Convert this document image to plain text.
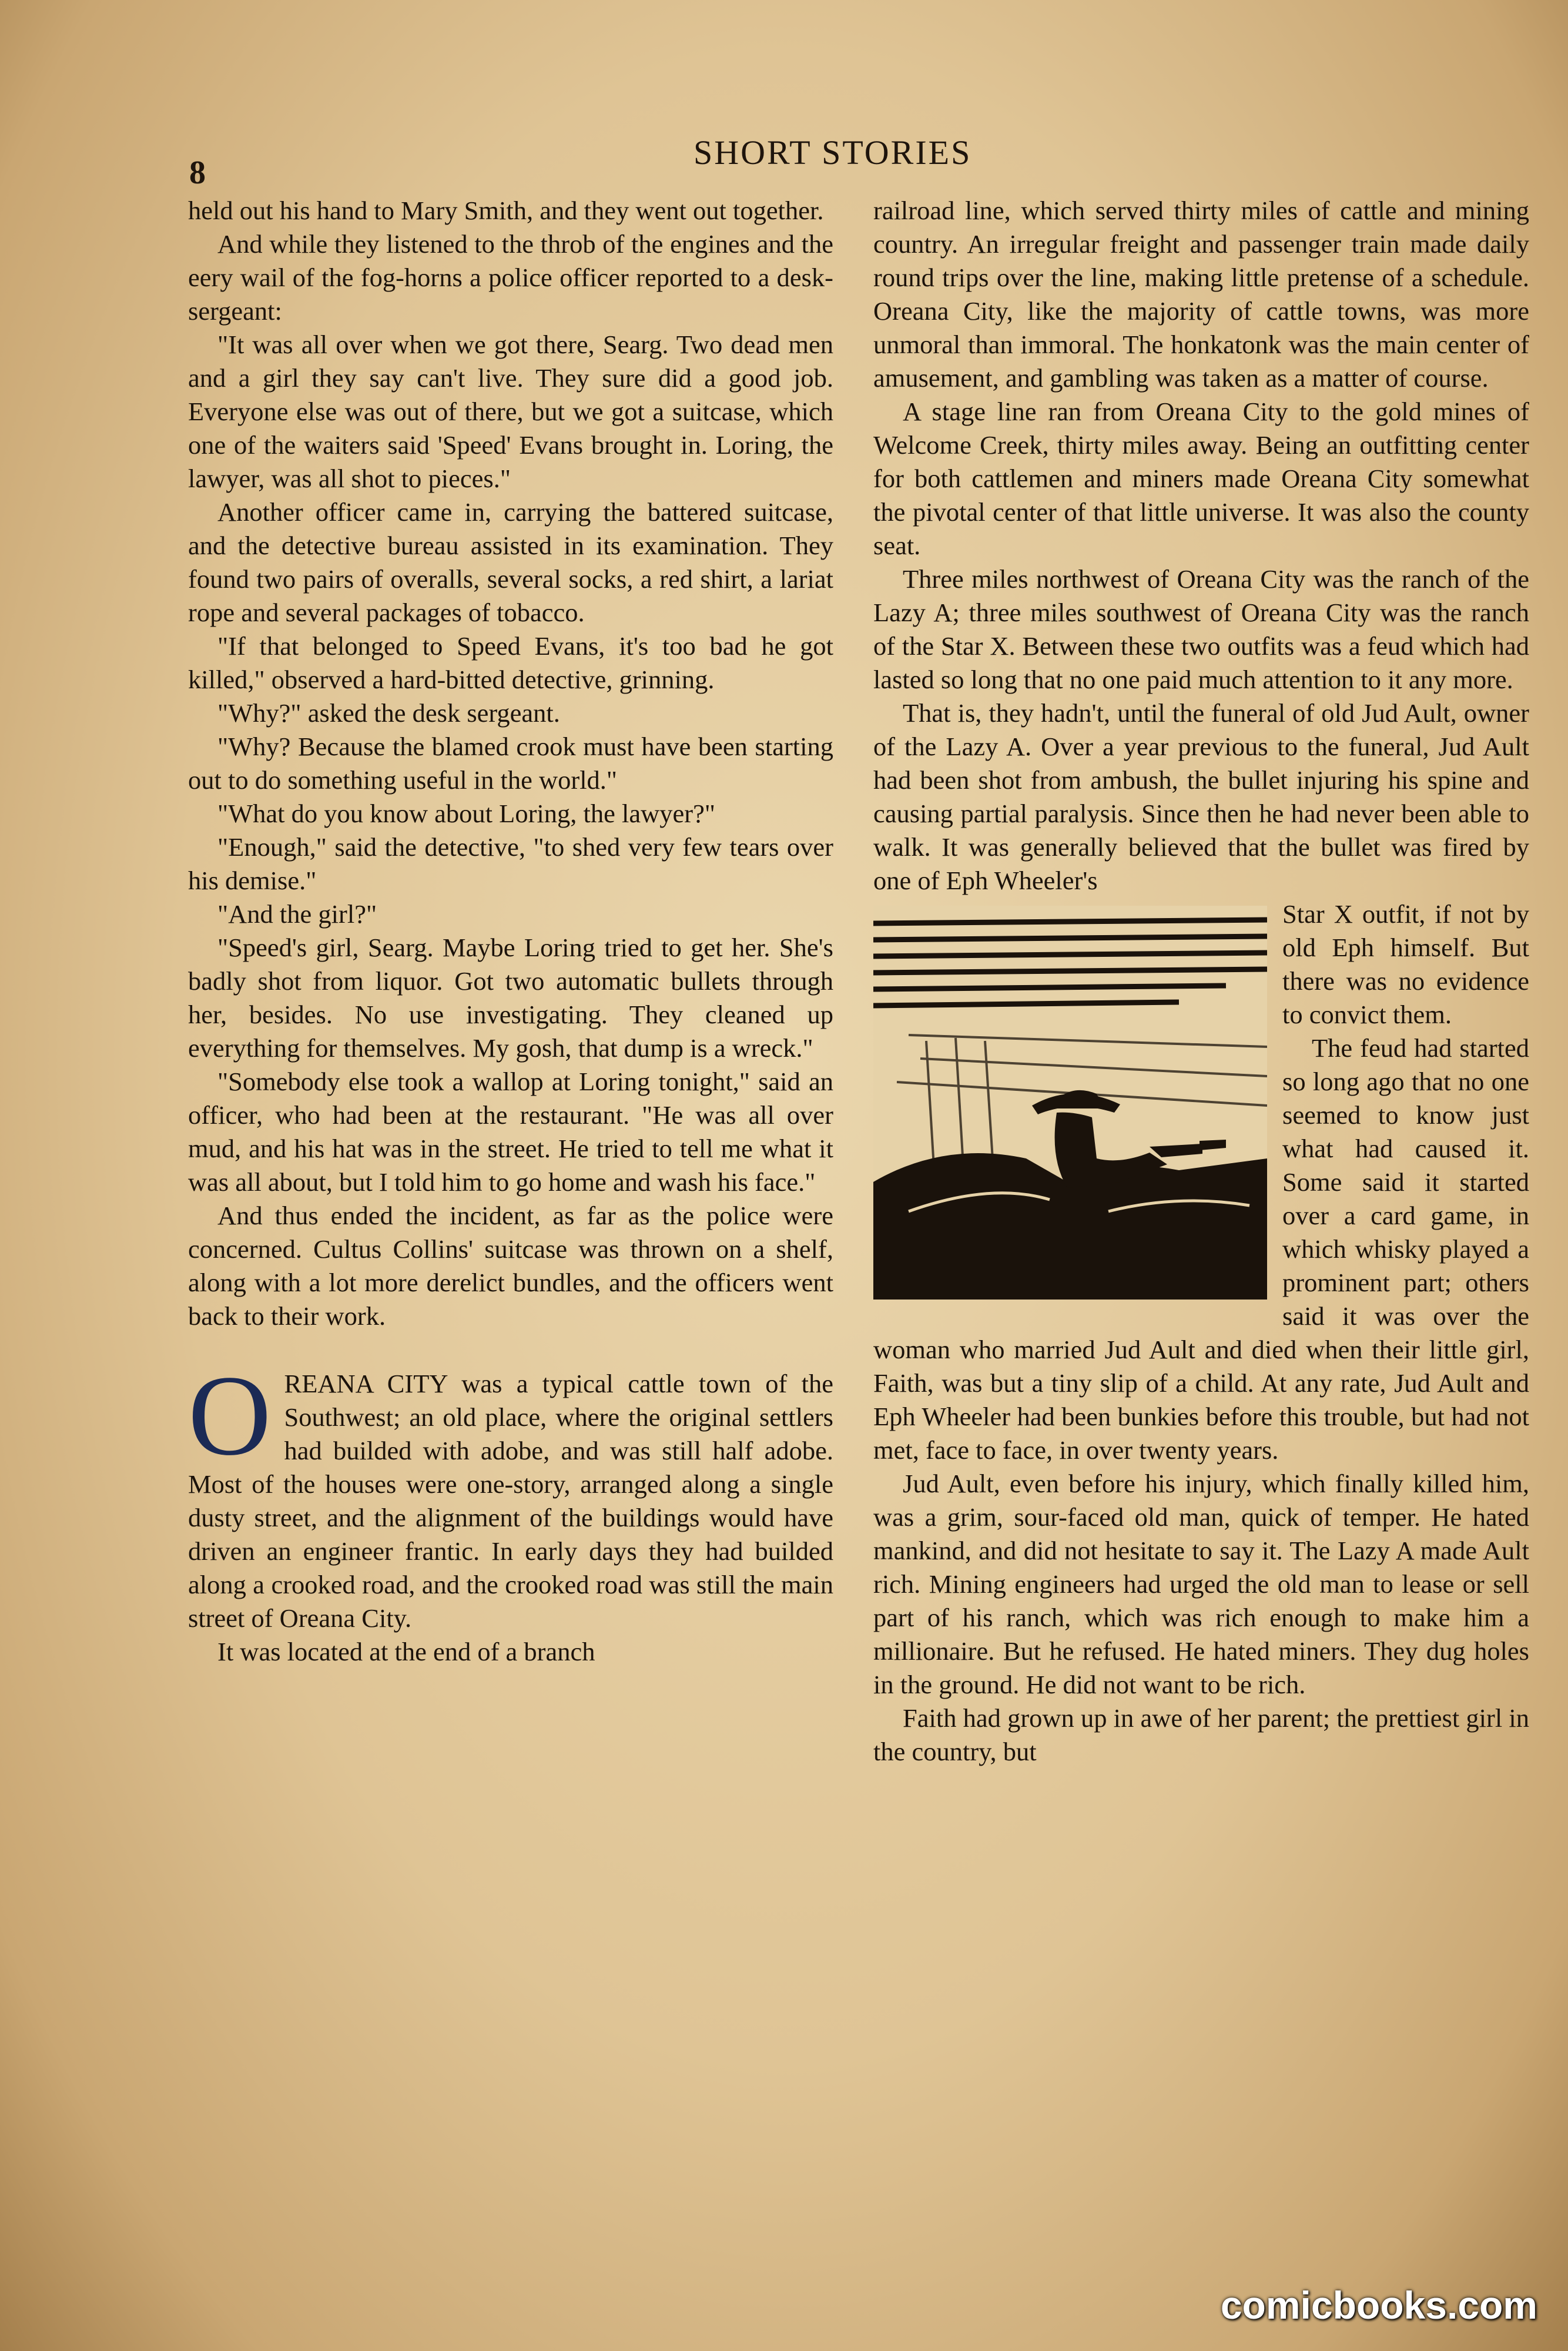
8
SHORT STORIES

held out his hand to Mary Smith, and they went out together.

And while they listened to the throb of the engines and the eery wail of the fog-horns a police officer reported to a desk-sergeant:

"It was all over when we got there, Searg. Two dead men and a girl they say can't live. They sure did a good job. Everyone else was out of there, but we got a suitcase, which one of the waiters said 'Speed' Evans brought in. Loring, the lawyer, was all shot to pieces."

Another officer came in, carrying the battered suitcase, and the detective bureau assisted in its examination. They found two pairs of overalls, several socks, a red shirt, a lariat rope and several packages of tobacco.

"If that belonged to Speed Evans, it's too bad he got killed," observed a hard-bitted detective, grinning.

"Why?" asked the desk sergeant.

"Why? Because the blamed crook must have been starting out to do something useful in the world."

"What do you know about Loring, the lawyer?"

"Enough," said the detective, "to shed very few tears over his demise."

"And the girl?"

"Speed's girl, Searg. Maybe Loring tried to get her. She's badly shot from liquor. Got two automatic bullets through her, besides. No use investigating. They cleaned up everything for themselves. My gosh, that dump is a wreck."

"Somebody else took a wallop at Loring tonight," said an officer, who had been at the restaurant. "He was all over mud, and his hat was in the street. He tried to tell me what it was all about, but I told him to go home and wash his face."

And thus ended the incident, as far as the police were concerned. Cultus Collins' suitcase was thrown on a shelf, along with a lot more derelict bundles, and the officers went back to their work.

OREANA CITY was a typical cattle town of the Southwest; an old place, where the original settlers had builded with adobe, and was still half adobe. Most of the houses were one-story, arranged along a single dusty street, and the alignment of the buildings would have driven an engineer frantic. In early days they had builded along a crooked road, and the crooked road was still the main street of Oreana City.

It was located at the end of a branch

railroad line, which served thirty miles of cattle and mining country. An irregular freight and passenger train made daily round trips over the line, making little pretense of a schedule. Oreana City, like the majority of cattle towns, was more unmoral than immoral. The honkatonk was the main center of amusement, and gambling was taken as a matter of course.

A stage line ran from Oreana City to the gold mines of Welcome Creek, thirty miles away. Being an outfitting center for both cattlemen and miners made Oreana City somewhat the pivotal center of that little universe. It was also the county seat.

Three miles northwest of Oreana City was the ranch of the Lazy A; three miles southwest of Oreana City was the ranch of the Star X. Between these two outfits was a feud which had lasted so long that no one paid much attention to it any more.

That is, they hadn't, until the funeral of old Jud Ault, owner of the Lazy A. Over a year previous to the funeral, Jud Ault had been shot from ambush, the bullet injuring his spine and causing partial paralysis. Since then he had never been able to walk. It was generally believed that the bullet was fired by one of Eph Wheeler's

Star X outfit, if not by old Eph himself. But there was no evidence to convict them.

The feud had started so long ago that no one seemed to know just what had caused it. Some said it started over a card game, in which whisky played a prominent part; others said it was over the woman who married Jud Ault and died when their little girl, Faith, was but a tiny slip of a child. At any rate, Jud Ault and Eph Wheeler had been bunkies before this trouble, but had not met, face to face, in over twenty years.

Jud Ault, even before his injury, which finally killed him, was a grim, sour-faced old man, quick of temper. He hated mankind, and did not hesitate to say it. The Lazy A made Ault rich. Mining engineers had urged the old man to lease or sell part of his ranch, which was rich enough to make him a millionaire. But he refused. He hated miners. They dug holes in the ground. He did not want to be rich.

Faith had grown up in awe of her parent; the prettiest girl in the country, but

comicbooks.com
